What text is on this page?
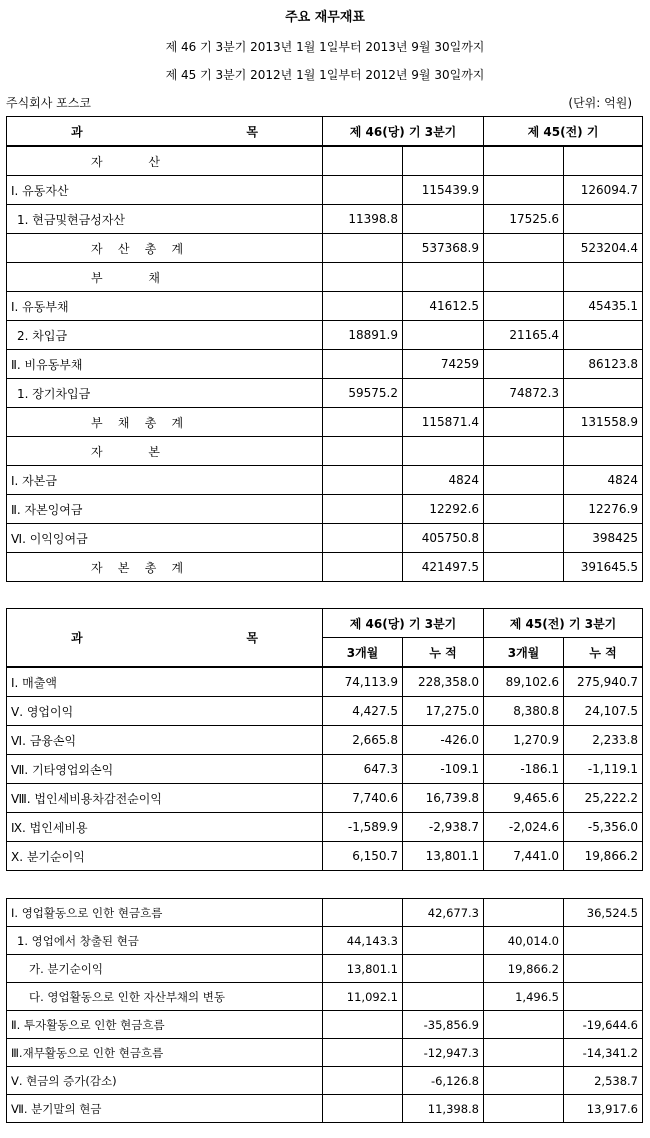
주요 재무재표
제 46 기 3분기 2013년 1월 1일부터 2013년 9월 30일까지
제 45 기 3분기 2012년 1월 1일부터 2012년 9월 30일까지
주식회사 포스코	(단위: 억원)
과 목	제 46(당) 기 3분기		제 45(전) 기	
자            산				
Ⅰ. 유동자산		115439.9		126094.7
1. 현금및현금성자산	11398.8		17525.6	
자    산    총    계		537368.9		523204.4
부            채				
Ⅰ. 유동부채		41612.5		45435.1
2. 차입금	18891.9		21165.4	
Ⅱ. 비유동부채		74259		86123.8
1. 장기차입금	59575.2		74872.3	
부    채    총    계		115871.4		131558.9
자            본				
Ⅰ. 자본금		4824		4824
Ⅱ. 자본잉여금		12292.6		12276.9
Ⅵ. 이익잉여금		405750.8		398425
자    본    총    계		421497.5		391645.5
과 목	제 46(당) 기 3분기		제 45(전) 기 3분기	
	3개월	누 적	3개월	누 적
Ⅰ. 매출액	74,113.9	228,358.0	89,102.6	275,940.7
Ⅴ. 영업이익	4,427.5	17,275.0	8,380.8	24,107.5
Ⅵ. 금융손익	2,665.8	-426.0	1,270.9	2,233.8
Ⅶ. 기타영업외손익	647.3	-109.1	-186.1	-1,119.1
Ⅷ. 법인세비용차감전순이익	7,740.6	16,739.8	9,465.6	25,222.2
Ⅸ. 법인세비용	-1,589.9	-2,938.7	-2,024.6	-5,356.0
Ⅹ. 분기순이익	6,150.7	13,801.1	7,441.0	19,866.2
Ⅰ. 영업활동으로 인한 현금흐름		42,677.3		36,524.5
1. 영업에서 창출된 현금	44,143.3		40,014.0	
가. 분기순이익	13,801.1		19,866.2	
다. 영업활동으로 인한 자산부채의 변동	11,092.1		1,496.5	
Ⅱ. 투자활동으로 인한 현금흐름		-35,856.9		-19,644.6
Ⅲ.재무활동으로 인한 현금흐름		-12,947.3		-14,341.2
Ⅴ. 현금의 증가(감소)		-6,126.8		2,538.7
Ⅶ. 분기말의 현금		11,398.8		13,917.6
